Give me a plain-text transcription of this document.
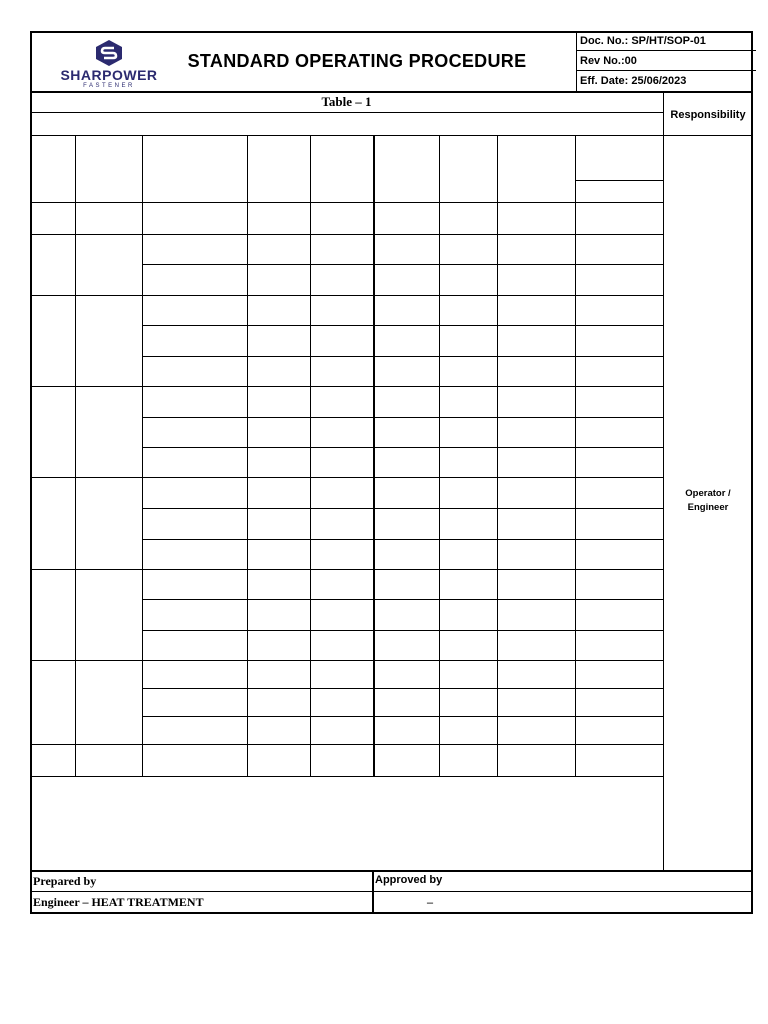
SHARPOWER
FASTENER
STANDARD OPERATING PROCEDURE
Doc. No.: SP/HT/SOP-01
Rev No.:00
Eff. Date: 25/06/2023
Table – 1
Responsibility
Operator /
Engineer
Prepared by
Engineer – HEAT TREATMENT
Approved by
–
